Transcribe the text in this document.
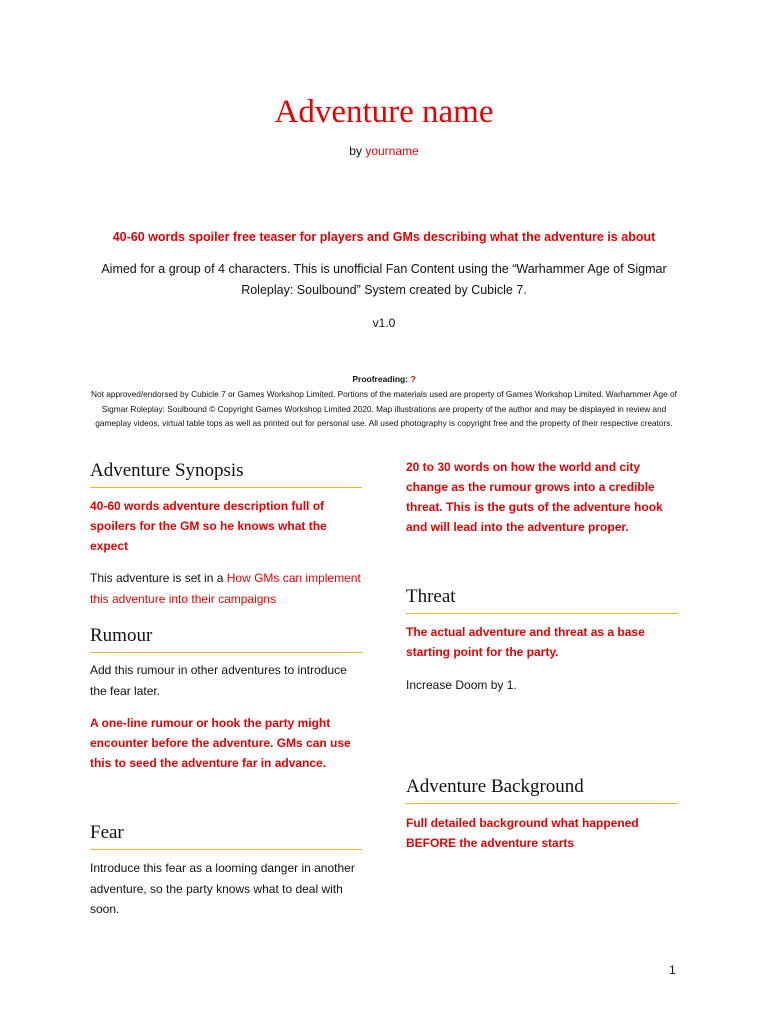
Adventure name
by yourname
40-60 words spoiler free teaser for players and GMs describing what the adventure is about
Aimed for a group of 4 characters. This is unofficial Fan Content using the “Warhammer Age of Sigmar Roleplay: Soulbound” System created by Cubicle 7.
v1.0
Proofreading: ?
Not approved/endorsed by Cubicle 7 or Games Workshop Limited. Portions of the materials used are property of Games Workshop Limited. Warhammer Age of Sigmar Roleplay: Soulbound © Copyright Games Workshop Limited 2020. Map illustrations are property of the author and may be displayed in review and gameplay videos, virtual table tops as well as printed out for personal use. All used photography is copyright free and the property of their respective creators.
Adventure Synopsis
40-60 words adventure description full of spoilers for the GM so he knows what the expect
This adventure is set in a How GMs can implement this adventure into their campaigns
Rumour
Add this rumour in other adventures to introduce the fear later.
A one-line rumour or hook the party might encounter before the adventure. GMs can use this to seed the adventure far in advance.
Fear
Introduce this fear as a looming danger in another adventure, so the party knows what to deal with soon.
20 to 30 words on how the world and city change as the rumour grows into a credible threat. This is the guts of the adventure hook and will lead into the adventure proper.
Threat
The actual adventure and threat as a base starting point for the party.
Increase Doom by 1.
Adventure Background
Full detailed background what happened BEFORE the adventure starts
1
